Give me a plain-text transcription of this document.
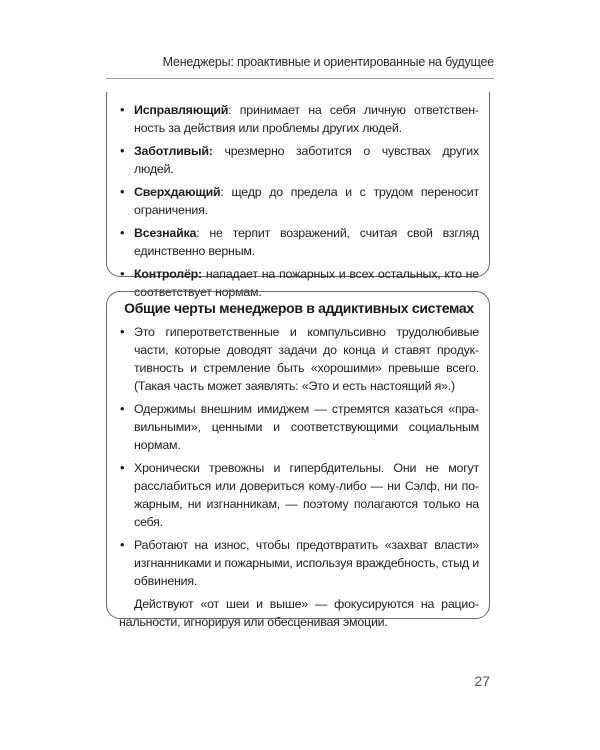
Менеджеры: проактивные и ориентированные на будущее
• Исправляющий: принимает на себя личную ответственность за действия или проблемы других людей.
• Заботливый: чрезмерно заботится о чувствах других людей.
• Сверхдающий: щедр до предела и с трудом переносит ограничения.
• Всезнайка: не терпит возражений, считая свой взгляд единственно верным.
• Контролёр: нападает на пожарных и всех остальных, кто не соответствует нормам.
Общие черты менеджеров в аддиктивных системах
• Это гиперответственные и компульсивно трудолюбивые части, которые доводят задачи до конца и ставят продуктивность и стремление быть «хорошими» превыше всего. (Такая часть может заявлять: «Это и есть настоящий я».)
• Одержимы внешним имиджем — стремятся казаться «правильными», ценными и соответствующими социальным нормам.
• Хронически тревожны и гипербдительны. Они не могут расслабиться или довериться кому-либо — ни Сэлф, ни пожарным, ни изгнанникам, — поэтому полагаются только на себя.
• Работают на износ, чтобы предотвратить «захват власти» изгнанниками и пожарными, используя враждебность, стыд и обвинения.

Действуют «от шеи и выше» — фокусируются на рациональности, игнорируя или обесценивая эмоции.

27
